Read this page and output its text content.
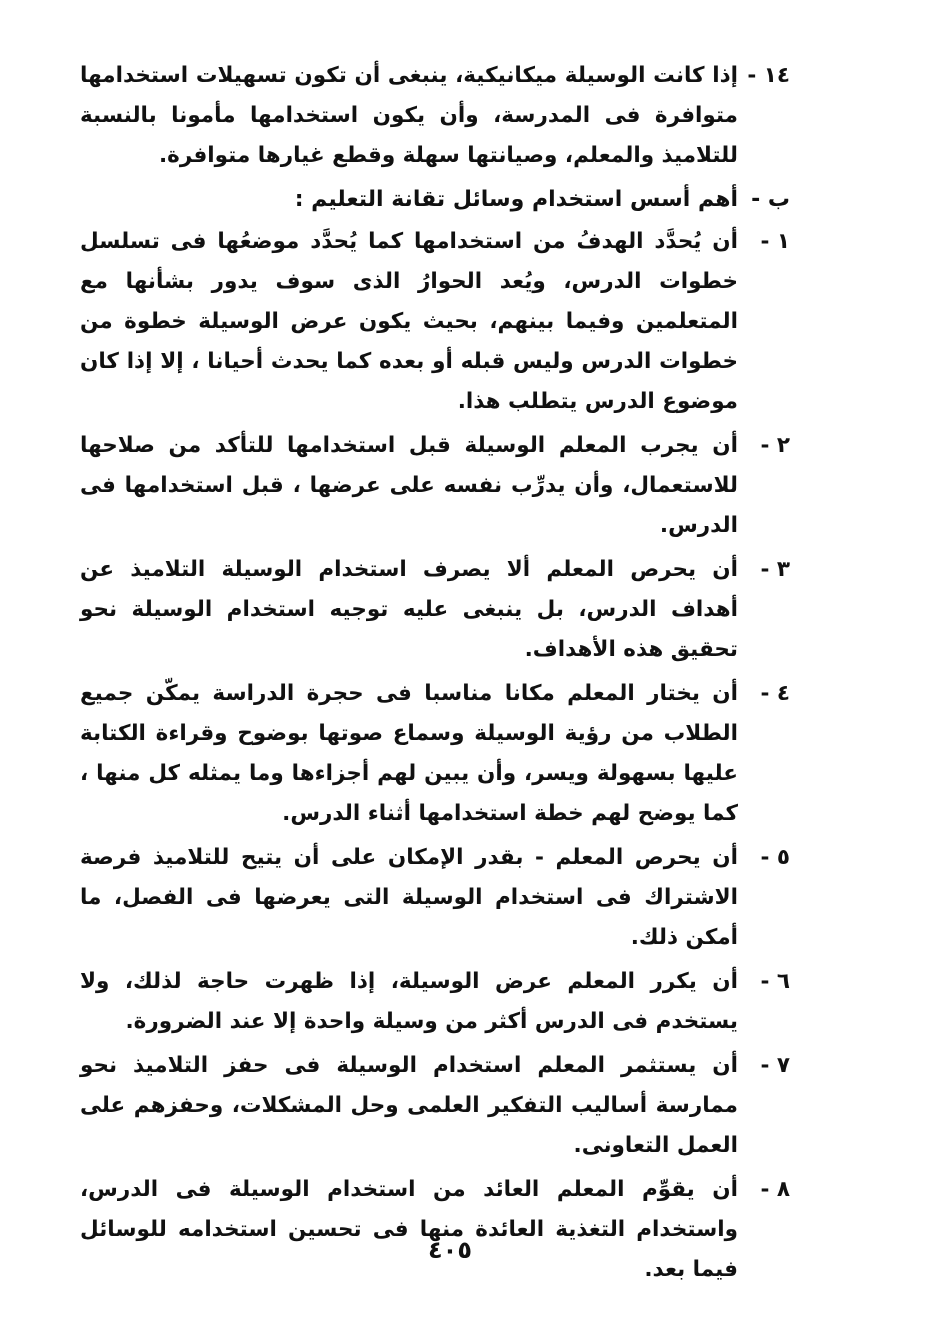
١٤ -
إذا كانت الوسيلة ميكانيكية، ينبغى أن تكون تسهيلات استخدامها متوافرة فى المدرسة، وأن يكون استخدامها مأمونا بالنسبة للتلاميذ والمعلم، وصيانتها سهلة وقطع غيارها متوافرة.
ب -
أهم أسس استخدام وسائل تقانة التعليم :
١ -
أن يُحدَّد الهدفُ من استخدامها كما يُحدَّد موضعُها فى تسلسل خطوات الدرس، ويُعد الحوارُ الذى سوف يدور بشأنها مع المتعلمين وفيما بينهم، بحيث يكون عرض الوسيلة خطوة من خطوات الدرس وليس قبله أو بعده كما يحدث أحيانا ، إلا إذا كان موضوع الدرس يتطلب هذا.
٢ -
أن يجرب المعلم الوسيلة قبل استخدامها للتأكد من صلاحها للاستعمال، وأن يدرِّب نفسه على عرضها ، قبل استخدامها فى الدرس.
٣ -
أن يحرص المعلم ألا يصرف استخدام الوسيلة التلاميذ عن أهداف الدرس، بل ينبغى عليه توجيه استخدام الوسيلة نحو تحقيق هذه الأهداف.
٤ -
أن يختار المعلم مكانا مناسبا فى حجرة الدراسة يمكّن جميع الطلاب من رؤية الوسيلة وسماع صوتها بوضوح وقراءة الكتابة عليها بسهولة ويسر، وأن يبين لهم أجزاءها وما يمثله كل منها ، كما يوضح لهم خطة استخدامها أثناء الدرس.
٥ -
أن يحرص المعلم - بقدر الإمكان على أن يتيح للتلاميذ فرصة الاشتراك فى استخدام الوسيلة التى يعرضها فى الفصل، ما أمكن ذلك.
٦ -
أن يكرر المعلم عرض الوسيلة، إذا ظهرت حاجة لذلك، ولا يستخدم فى الدرس أكثر من وسيلة واحدة إلا عند الضرورة.
٧ -
أن يستثمر المعلم استخدام الوسيلة فى حفز التلاميذ نحو ممارسة أساليب التفكير العلمى وحل المشكلات، وحفزهم على العمل التعاونى.
٨ -
أن يقوِّم المعلم العائد من استخدام الوسيلة فى الدرس، واستخدام التغذية العائدة منها فى تحسين استخدامه للوسائل فيما بعد.
٤٠٥
